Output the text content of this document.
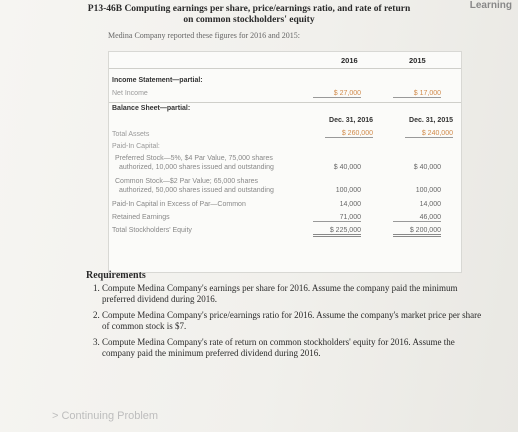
Learning
P13-46B Computing earnings per share, price/earnings ratio, and rate of return
on common stockholders' equity
Medina Company reported these figures for 2016 and 2015:
2016	2015
Income Statement—partial:
Net Income	$ 27,000	$ 17,000
Balance Sheet—partial:
Dec. 31, 2016	Dec. 31, 2015
Total Assets	$ 260,000	$ 240,000
Paid-In Capital:
Preferred Stock—5%, $4 Par Value, 75,000 shares
authorized, 10,000 shares issued and outstanding	$ 40,000	$ 40,000
Common Stock—$2 Par Value; 65,000 shares
authorized, 50,000 shares issued and outstanding	100,000	100,000
Paid-In Capital in Excess of Par—Common	14,000	14,000
Retained Earnings	71,000	46,000
Total Stockholders' Equity	$ 225,000	$ 200,000
Requirements
1. Compute Medina Company's earnings per share for 2016. Assume the company paid the minimum preferred dividend during 2016.
2. Compute Medina Company's price/earnings ratio for 2016. Assume the company's market price per share of common stock is $7.
3. Compute Medina Company's rate of return on common stockholders' equity for 2016. Assume the company paid the minimum preferred dividend during 2016.
> Continuing Problem
